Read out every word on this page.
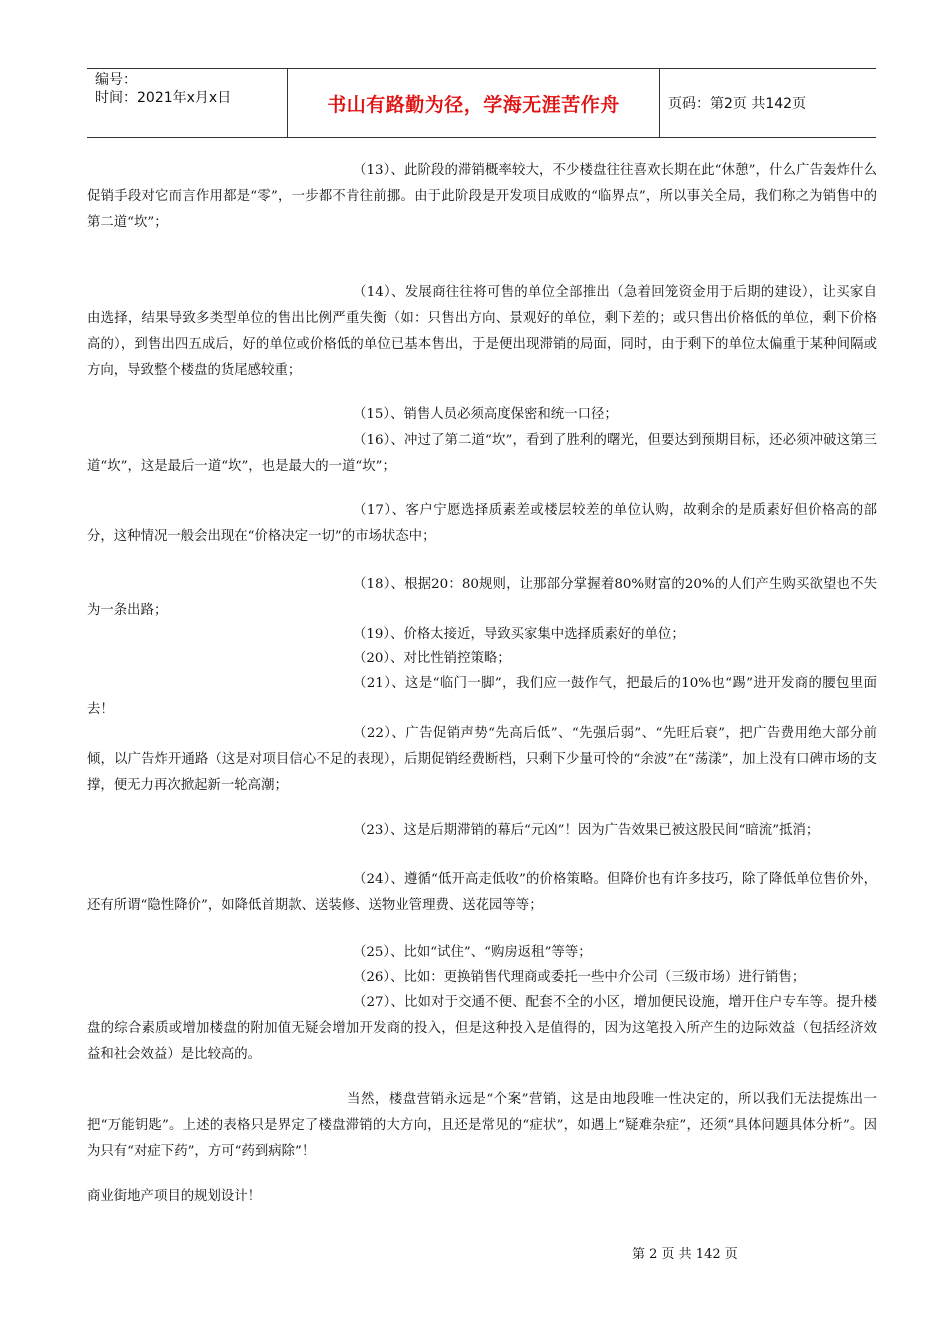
编号：
时间：2021年x月x日	书山有路勤为径，学海无涯苦作舟	页码：第2页 共142页
（13）、此阶段的滞销概率较大，不少楼盘往往喜欢长期在此“休憩”，什么广告轰炸什么促销手段对它而言作用都是“零”，一步都不肯往前挪。由于此阶段是开发项目成败的“临界点”，所以事关全局，我们称之为销售中的第二道“坎”；
（14）、发展商往往将可售的单位全部推出（急着回笼资金用于后期的建设），让买家自由选择，结果导致多类型单位的售出比例严重失衡（如：只售出方向、景观好的单位，剩下差的；或只售出价格低的单位，剩下价格高的），到售出四五成后，好的单位或价格低的单位已基本售出，于是便出现滞销的局面，同时，由于剩下的单位太偏重于某种间隔或方向，导致整个楼盘的货尾感较重；
（15）、销售人员必须高度保密和统一口径；
（16）、冲过了第二道“坎”，看到了胜利的曙光，但要达到预期目标，还必须冲破这第三道“坎”，这是最后一道“坎”，也是最大的一道“坎”；
（17）、客户宁愿选择质素差或楼层较差的单位认购，故剩余的是质素好但价格高的部分，这种情况一般会出现在“价格决定一切”的市场状态中；
（18）、根据20：80规则，让那部分掌握着80%财富的20%的人们产生购买欲望也不失为一条出路；
（19）、价格太接近，导致买家集中选择质素好的单位；
（20）、对比性销控策略；
（21）、这是“临门一脚”，我们应一鼓作气，把最后的10%也“踢”进开发商的腰包里面去！
（22）、广告促销声势“先高后低”、“先强后弱”、“先旺后衰”，把广告费用绝大部分前倾，以广告炸开通路（这是对项目信心不足的表现），后期促销经费断档，只剩下少量可怜的“余波”在“荡漾”，加上没有口碑市场的支撑，便无力再次掀起新一轮高潮；
（23）、这是后期滞销的幕后“元凶”！因为广告效果已被这股民间“暗流”抵消；
（24）、遵循“低开高走低收”的价格策略。但降价也有许多技巧，除了降低单位售价外，还有所谓“隐性降价”，如降低首期款、送装修、送物业管理费、送花园等等；
（25）、比如“试住”、“购房返租”等等；
（26）、比如：更换销售代理商或委托一些中介公司（三级市场）进行销售；
（27）、比如对于交通不便、配套不全的小区，增加便民设施，增开住户专车等。提升楼盘的综合素质或增加楼盘的附加值无疑会增加开发商的投入，但是这种投入是值得的，因为这笔投入所产生的边际效益（包括经济效益和社会效益）是比较高的。
当然，楼盘营销永远是“个案”营销，这是由地段唯一性决定的，所以我们无法提炼出一把“万能钥匙”。上述的表格只是界定了楼盘滞销的大方向，且还是常见的“症状”，如遇上“疑难杂症”，还须“具体问题具体分析”。因为只有“对症下药”，方可“药到病除”！
商业街地产项目的规划设计！
第 2 页 共 142 页
